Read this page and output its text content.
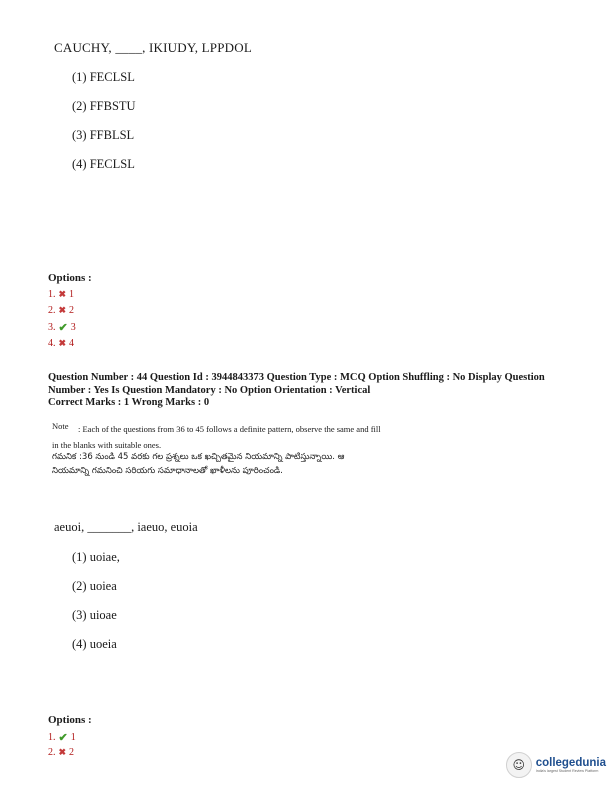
CAUCHY, ____, IKIUDY, LPPDOL
(1) FECLSL
(2) FFBSTU
(3) FFBLSL
(4) FECLSL
Options :
1. ✖ 1
2. ✖ 2
3. ✔ 3
4. ✖ 4
Question Number : 44 Question Id : 3944843373 Question Type : MCQ Option Shuffling : No Display Question
Number : Yes Is Question Mandatory : No Option Orientation : Vertical
Correct Marks : 1 Wrong Marks : 0
Note	: Each of the questions from 36 to 45 follows a definite pattern, observe the same and fill in the blanks with suitable ones.
గమనిక :36 నుండి 45 వరకు గల ప్రశ్నలు ఒక ఖచ్చితమైన నియమాన్ని పాటిస్తున్నాయి. ఆ నియమాన్ని గమనించి సరియగు సమాధానాలతో ఖాళీలను పూరించండి.
aeuoi, _______, iaeuo, euoia
(1) uoiae,
(2) uoiea
(3) uioae
(4) uoeia
Options :
1. ✔ 1
2. ✖ 2
☺ collegedunia
India's largest Student Review Platform
